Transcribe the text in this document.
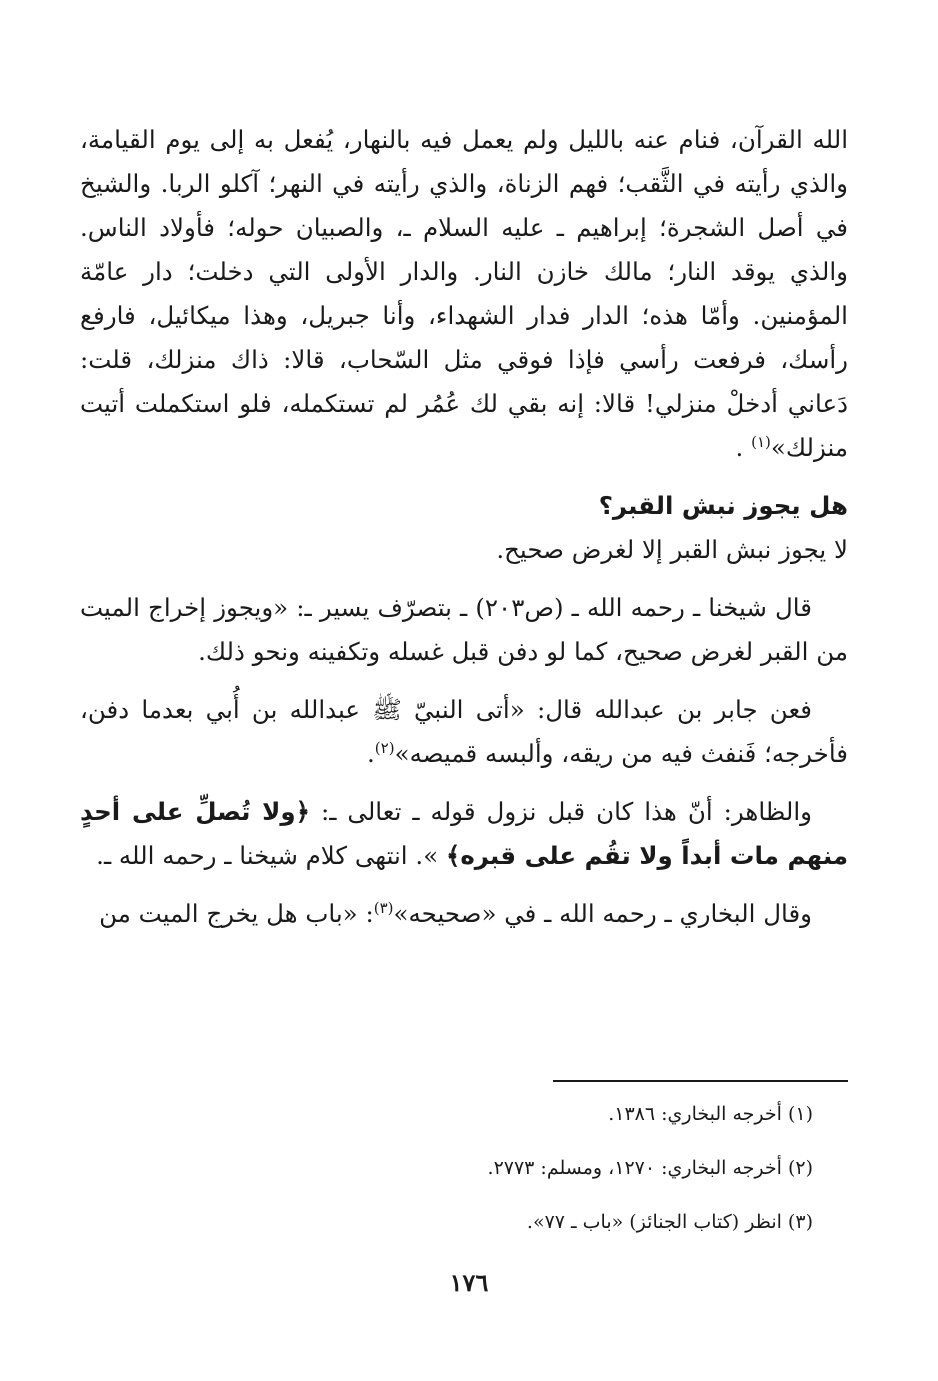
الله القرآن، فنام عنه بالليل ولم يعمل فيه بالنهار، يُفعل به إلى يوم القيامة، والذي رأيته في الثَّقب؛ فهم الزناة، والذي رأيته في النهر؛ آكلو الربا. والشيخ في أصل الشجرة؛ إبراهيم ـ عليه السلام ـ، والصبيان حوله؛ فأولاد الناس. والذي يوقد النار؛ مالك خازن النار. والدار الأولى التي دخلت؛ دار عامّة المؤمنين. وأمّا هذه؛ الدار فدار الشهداء، وأنا جبريل، وهذا ميكائيل، فارفع رأسك، فرفعت رأسي فإذا فوقي مثل السّحاب، قالا: ذاك منزلك، قلت: دَعاني أدخلْ منزلي! قالا: إنه بقي لك عُمُر لم تستكمله، فلو استكملت أتيت منزلك»$^{(١)}$ .

هل يجوز نبش القبر؟

لا يجوز نبش القبر إلا لغرض صحيح.

قال شيخنا ـ رحمه الله ـ (ص٢٠٣) ـ بتصرّف يسير ـ: «ويجوز إخراج الميت من القبر لغرض صحيح، كما لو دفن قبل غسله وتكفينه ونحو ذلك.

فعن جابر بن عبدالله قال: «أتى النبيّ ﷺ عبدالله بن أُبي بعدما دفن، فأخرجه؛ فَنفث فيه من ريقه، وألبسه قميصه»$^{(٢)}$.

والظاهر: أنّ هذا كان قبل نزول قوله ـ تعالى ـ: ﴿ولا تُصلِّ على أحدٍ منهم مات أبداً ولا تقُم على قبره﴾ ». انتهى كلام شيخنا ـ رحمه الله ـ.

وقال البخاري ـ رحمه الله ـ في «صحيحه»$^{(٣)}$: «باب هل يخرج الميت من

(١) أخرجه البخاري: ١٣٨٦.

(٢) أخرجه البخاري: ١٢٧٠، ومسلم: ٢٧٧٣.

(٣) انظر (كتاب الجنائز) «باب ـ ٧٧».

١٧٦
